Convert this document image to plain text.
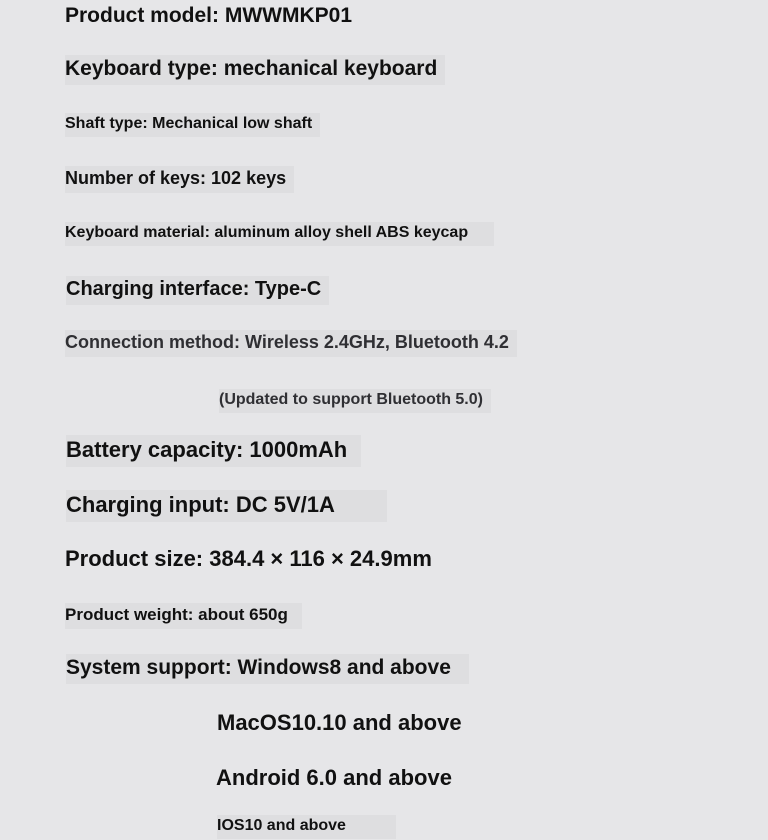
Product model: MWWMKP01
Keyboard type: mechanical keyboard
Shaft type: Mechanical low shaft
Number of keys: 102 keys
Keyboard material: aluminum alloy shell ABS keycap
Charging interface: Type-C
Connection method: Wireless 2.4GHz, Bluetooth 4.2
(Updated to support Bluetooth 5.0)
Battery capacity: 1000mAh
Charging input: DC 5V/1A
Product size: 384.4 × 116 × 24.9mm
Product weight: about 650g
System support: Windows8 and above
MacOS10.10 and above
Android 6.0 and above
IOS10 and above
